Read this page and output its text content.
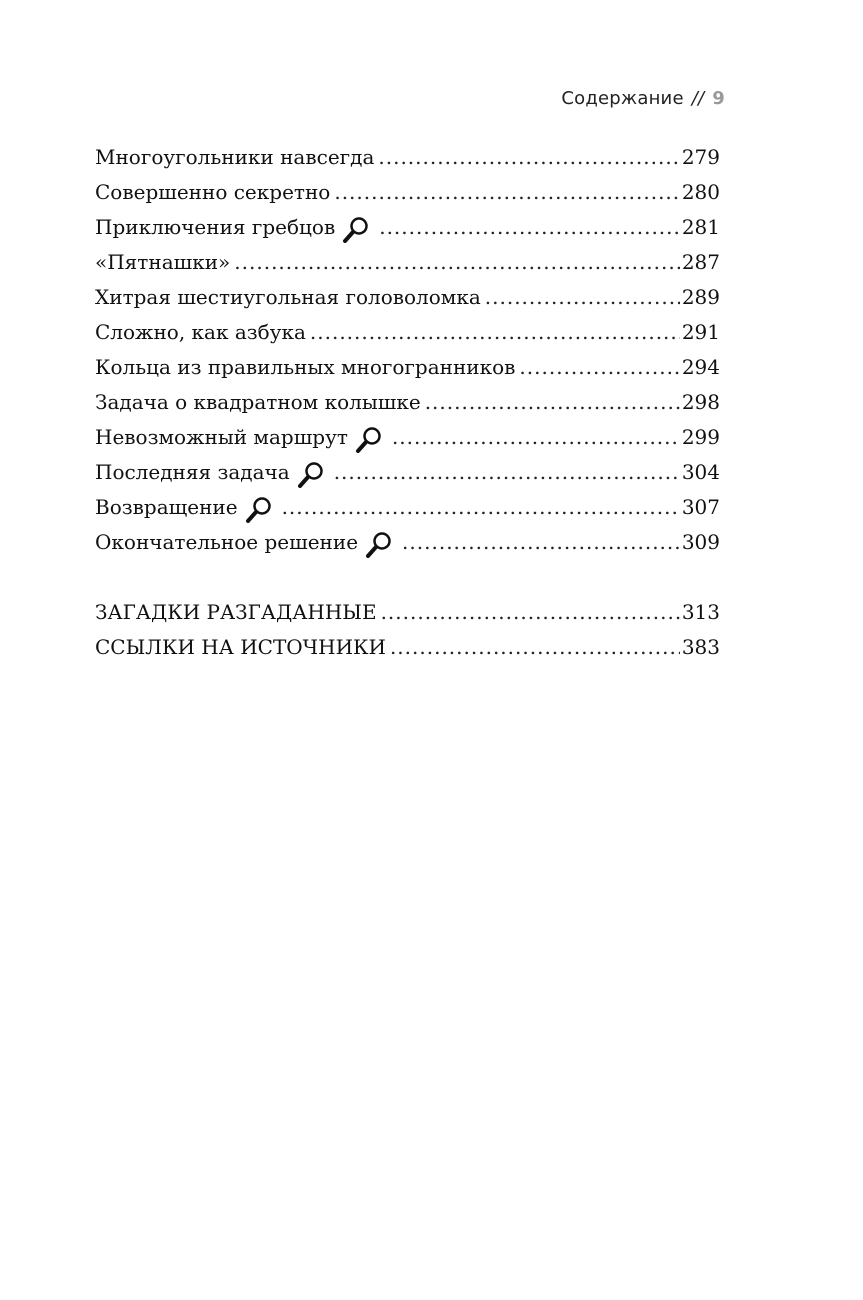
Содержание // 9
Многоугольники навсегда .....	279
Совершенно секретно .....	280
Приключения гребцов .....	281
«Пятнашки» .....	287
Хитрая шестиугольная головоломка .....	289
Сложно, как азбука .....	291
Кольца из правильных многогранников .....	294
Задача о квадратном колышке .....	298
Невозможный маршрут .....	299
Последняя задача .....	304
Возвращение .....	307
Окончательное решение .....	309
ЗАГАДКИ РАЗГАДАННЫЕ .....	313
ССЫЛКИ НА ИСТОЧНИКИ .....	383
